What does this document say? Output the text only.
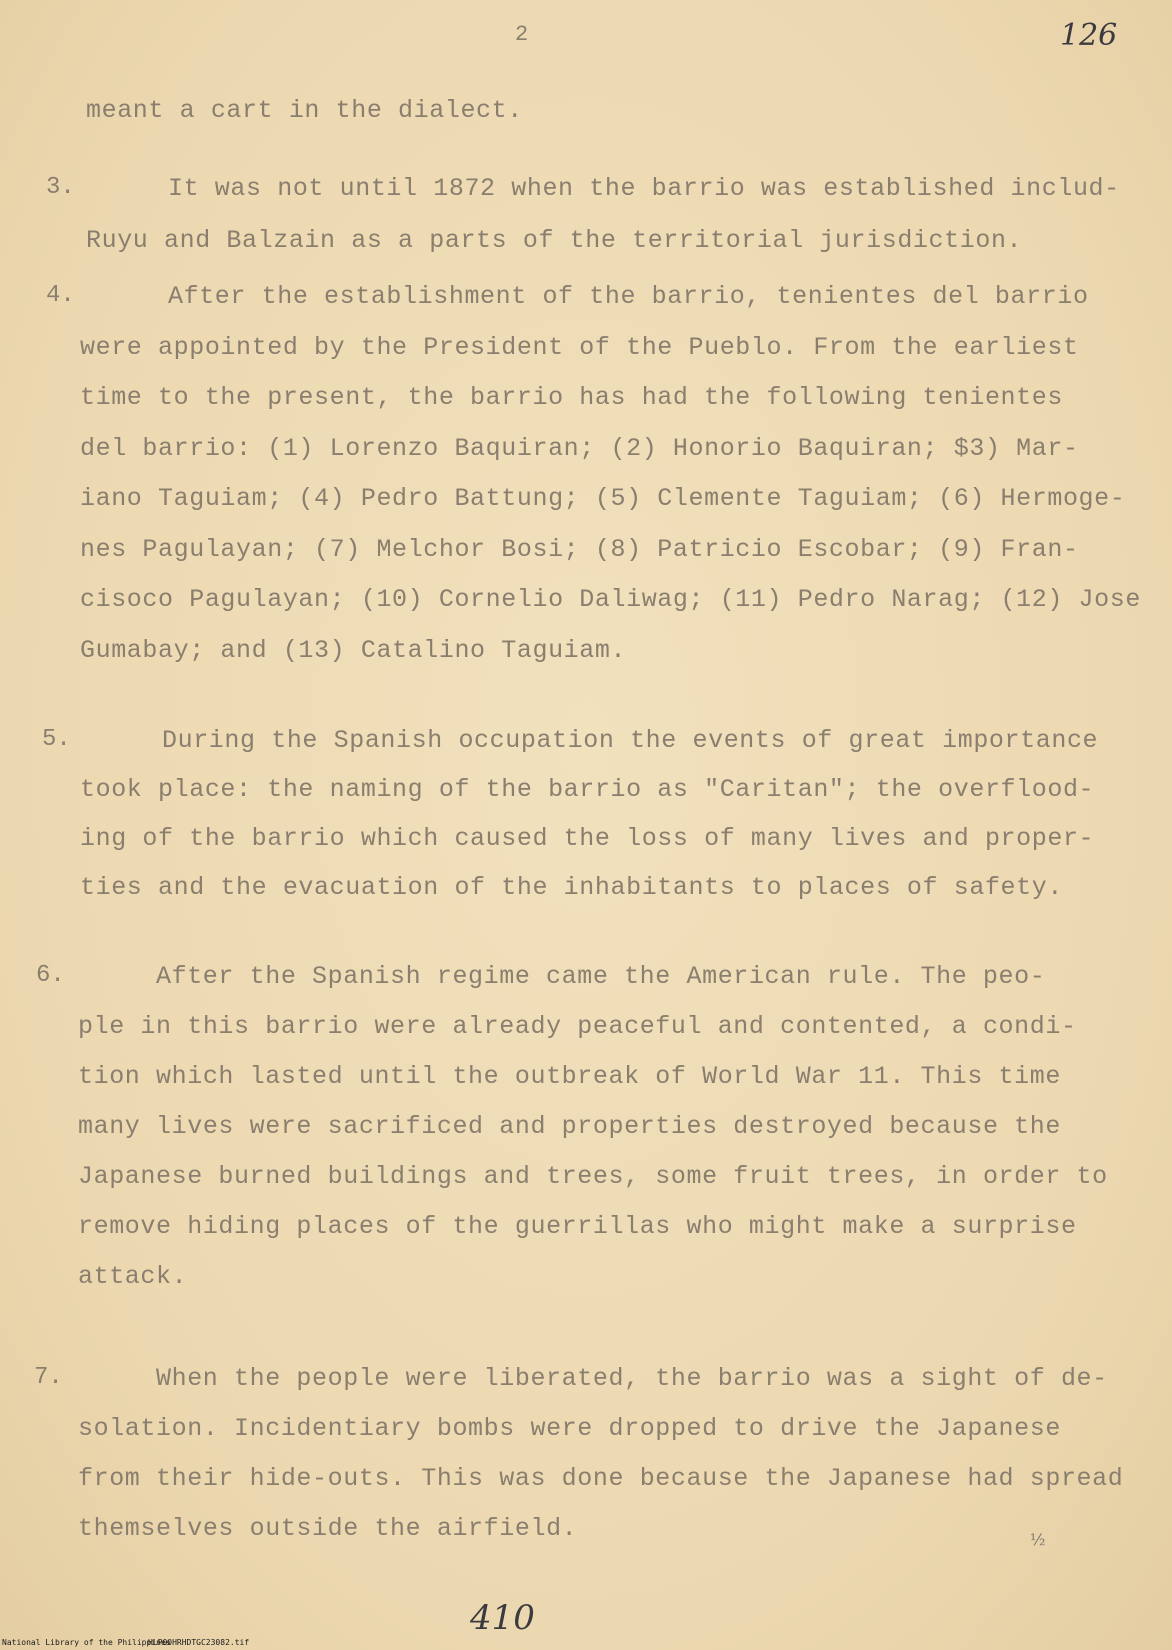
2	126
meant a cart in the dialect.
3.	It was not until 1872 when the barrio was established includ-
Ruyu and Balzain as a parts of the territorial jurisdiction.
4.	After the establishment of the barrio, tenientes del barrio
were appointed by the President of the Pueblo. From the earliest
time to the present, the barrio has had the following tenientes
del barrio: (1) Lorenzo Baquiran; (2) Honorio Baquiran; $3) Mar-
iano Taguiam; (4) Pedro Battung; (5) Clemente Taguiam; (6) Hermoge-
nes Pagulayan; (7) Melchor Bosi; (8) Patricio Escobar; (9) Fran-
cisoco Pagulayan; (10) Cornelio Daliwag; (11) Pedro Narag; (12) Jose
Gumabay; and (13) Catalino Taguiam.
5.	During the Spanish occupation the events of great importance
took place: the naming of the barrio as "Caritan"; the overflood-
ing of the barrio which caused the loss of many lives and proper-
ties and the evacuation of the inhabitants to places of safety.
6.	After the Spanish regime came the American rule. The peo-
ple in this barrio were already peaceful and contented, a condi-
tion which lasted until the outbreak of World War 11. This time
many lives were sacrificed and properties destroyed because the
Japanese burned buildings and trees, some fruit trees, in order to
remove hiding places of the guerrillas who might make a surprise
attack.
7.	When the people were liberated, the barrio was a sight of de-
solation. Incidentiary bombs were dropped to drive the Japanese
from their hide-outs. This was done because the Japanese had spread
themselves outside the airfield.	½
410
National Library of the Philippines
HLP00HRHDTGC23082.tif
